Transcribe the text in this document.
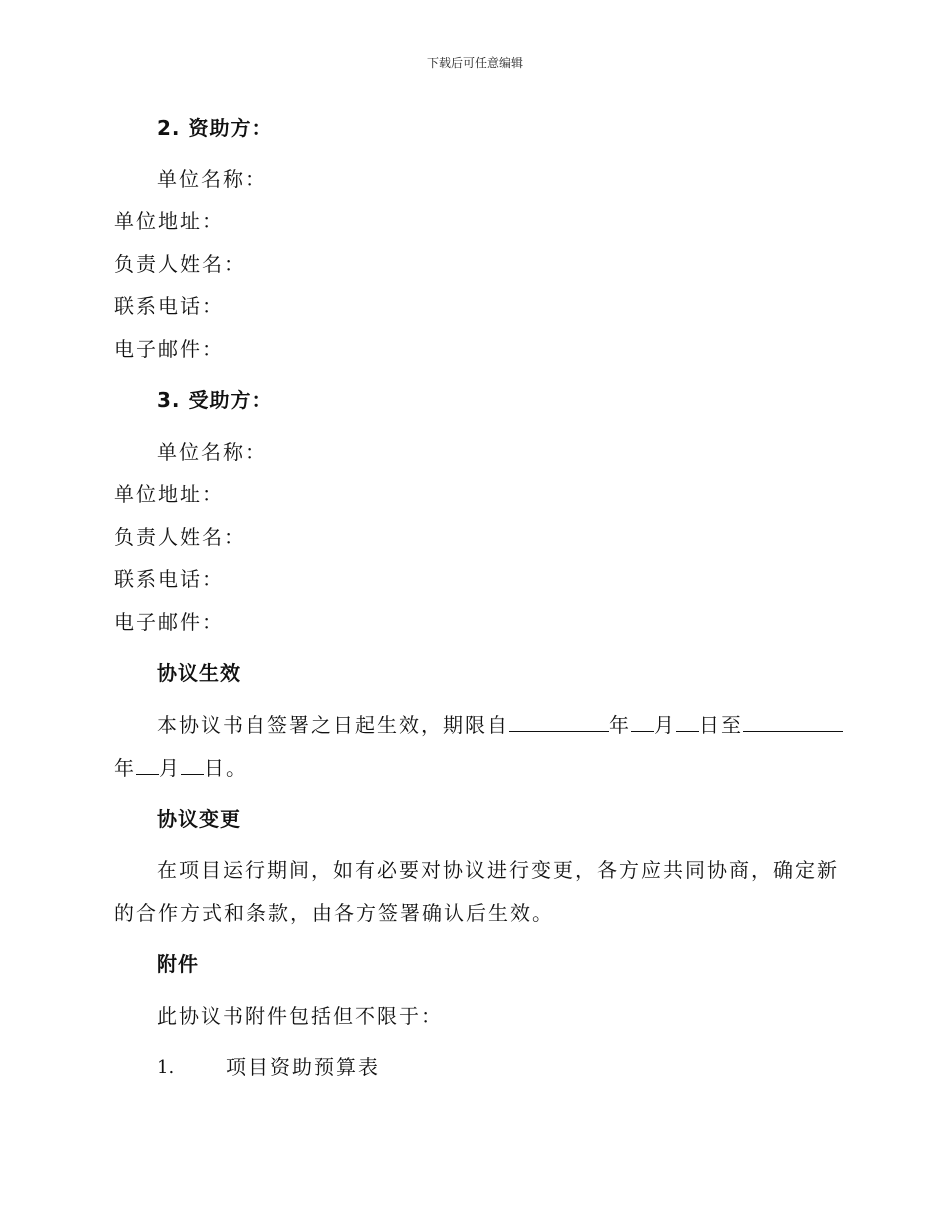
下载后可任意编辑
2. 资助方：
单位名称：
单位地址：
负责人姓名：
联系电话：
电子邮件：
3. 受助方：
单位名称：
单位地址：
负责人姓名：
联系电话：
电子邮件：
协议生效
本协议书自签署之日起生效，期限自	年 月 日至
年 月 日。
协议变更
在项目运行期间，如有必要对协议进行变更，各方应共同协商，确定新
的合作方式和条款，由各方签署确认后生效。
附件
此协议书附件包括但不限于：
1.	项目资助预算表
